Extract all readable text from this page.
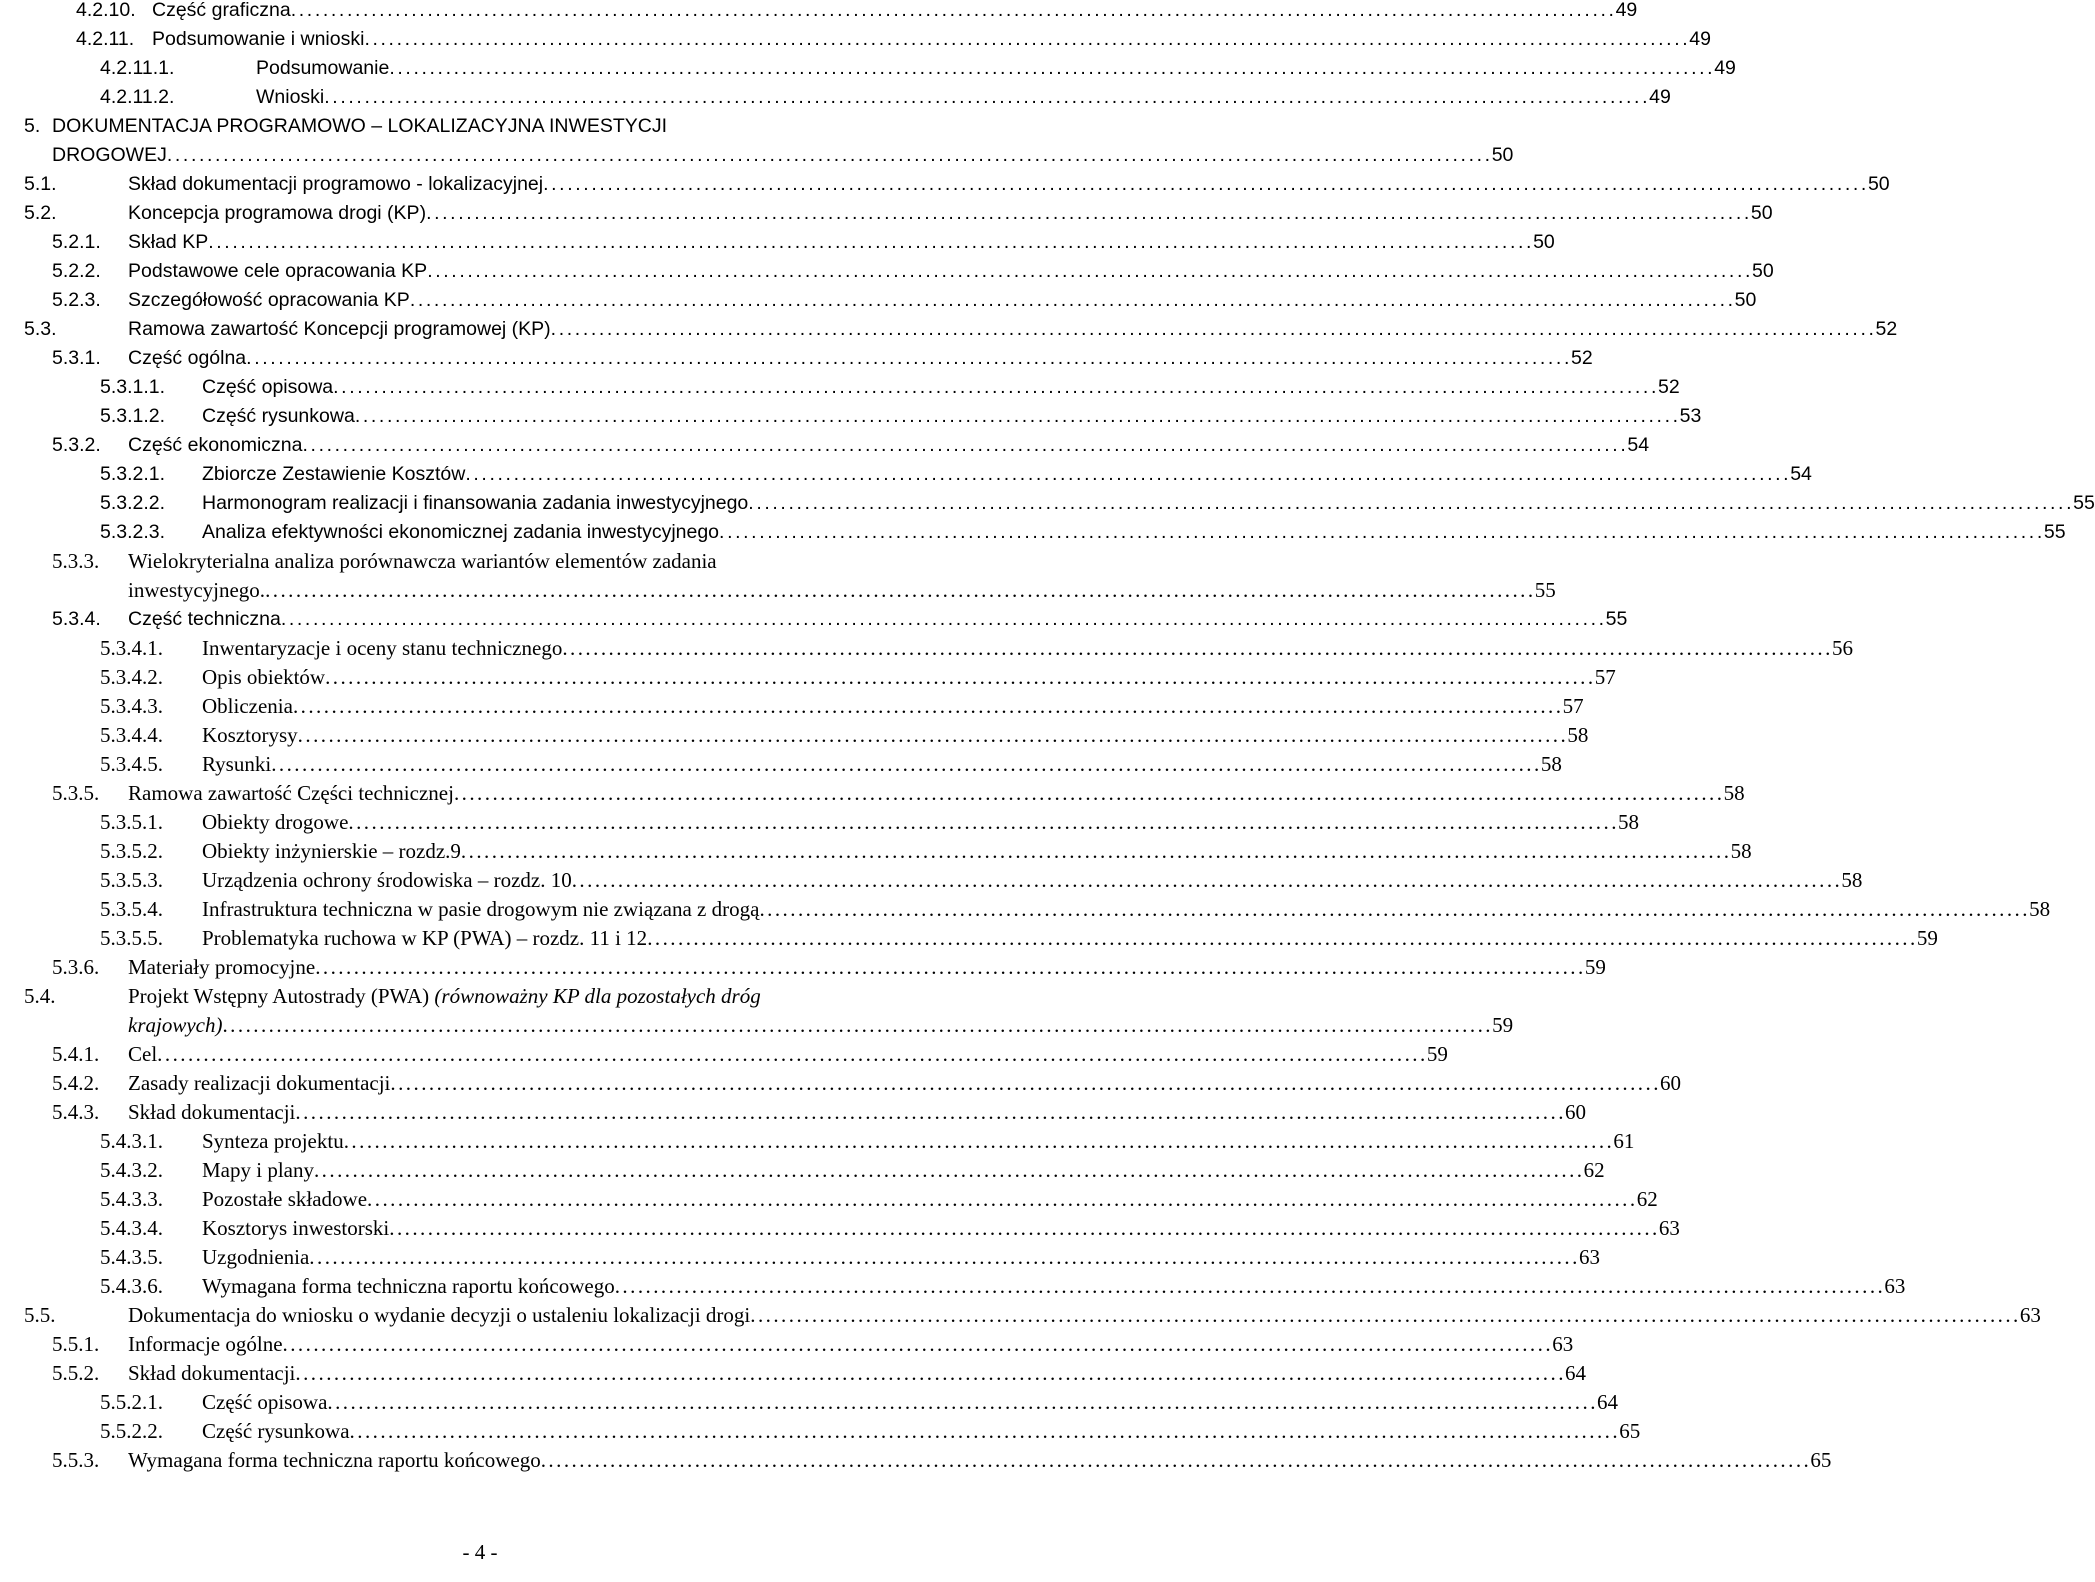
4.2.10. Część graficzna . . .	49
4.2.11. Podsumowanie i wnioski . . .	49
4.2.11.1.	Podsumowanie . . .	49
4.2.11.2.	Wnioski . . .	49
5. DOKUMENTACJA PROGRAMOWO – LOKALIZACYJNA INWESTYCJI
DROGOWEJ . . .	50
5.1.	Skład dokumentacji programowo - lokalizacyjnej . . .	50
5.2.	Koncepcja programowa drogi (KP) . . .	50
5.2.1. Skład KP . . .	50
5.2.2. Podstawowe cele opracowania KP . . .	50
5.2.3. Szczegółowość opracowania KP . . .	50
5.3.	Ramowa zawartość Koncepcji programowej (KP) . . .	52
5.3.1. Część ogólna . . .	52
5.3.1.1. Część opisowa . . .	52
5.3.1.2. Część rysunkowa . . .	53
5.3.2. Część ekonomiczna . . .	54
5.3.2.1. Zbiorcze Zestawienie Kosztów . . .	54
5.3.2.2. Harmonogram realizacji i finansowania zadania inwestycyjnego . . .	55
5.3.2.3. Analiza efektywności ekonomicznej zadania inwestycyjnego . . .	55
5.3.3. Wielokryterialna analiza porównawcza wariantów elementów zadania
inwestycyjnego. . . .	55
5.3.4. Część techniczna . . .	55
5.3.4.1. Inwentaryzacje i oceny stanu technicznego . . .	56
5.3.4.2. Opis obiektów . . .	57
5.3.4.3. Obliczenia . . .	57
5.3.4.4. Kosztorysy . . .	58
5.3.4.5. Rysunki . . .	58
5.3.5. Ramowa zawartość Części technicznej . . .	58
5.3.5.1. Obiekty drogowe . . .	58
5.3.5.2. Obiekty inżynierskie – rozdz.9 . . .	58
5.3.5.3. Urządzenia ochrony środowiska – rozdz. 10 . . .	58
5.3.5.4. Infrastruktura techniczna w pasie drogowym nie związana z drogą . . .	58
5.3.5.5. Problematyka ruchowa w KP (PWA) – rozdz. 11 i 12 . . .	59
5.3.6. Materiały promocyjne . . .	59
5.4.	Projekt Wstępny Autostrady (PWA) (równoważny KP dla pozostałych dróg
krajowych) . . .	59
5.4.1. Cel . . .	59
5.4.2. Zasady realizacji dokumentacji . . .	60
5.4.3. Skład dokumentacji . . .	60
5.4.3.1. Synteza projektu . . .	61
5.4.3.2. Mapy i plany . . .	62
5.4.3.3. Pozostałe składowe . . .	62
5.4.3.4. Kosztorys inwestorski . . .	63
5.4.3.5. Uzgodnienia . . .	63
5.4.3.6. Wymagana forma techniczna raportu końcowego . . .	63
5.5.	Dokumentacja do wniosku o wydanie decyzji o ustaleniu lokalizacji drogi . . .	63
5.5.1. Informacje ogólne . . .	63
5.5.2. Skład dokumentacji . . .	64
5.5.2.1. Część opisowa . . .	64
5.5.2.2. Część rysunkowa . . .	65
5.5.3. Wymagana forma techniczna raportu końcowego . . .	65
- 4 -
